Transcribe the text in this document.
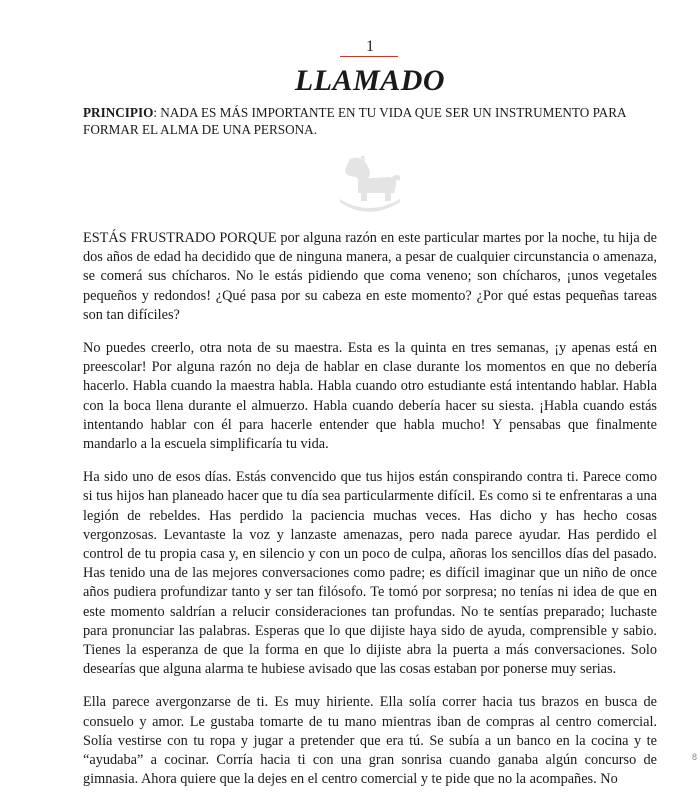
1
LLAMADO
PRINCIPIO: NADA ES MÁS IMPORTANTE EN TU VIDA QUE SER UN INSTRUMENTO PARA FORMAR EL ALMA DE UNA PERSONA.

ESTÁS FRUSTRADO PORQUE por alguna razón en este particular martes por la noche, tu hija de dos años de edad ha decidido que de ninguna manera, a pesar de cualquier circunstancia o amenaza, se comerá sus chícharos. No le estás pidiendo que coma veneno; son chícharos, ¡unos vegetales pequeños y redondos! ¿Qué pasa por su cabeza en este momento? ¿Por qué estas pequeñas tareas son tan difíciles?

No puedes creerlo, otra nota de su maestra. Esta es la quinta en tres semanas, ¡y apenas está en preescolar! Por alguna razón no deja de hablar en clase durante los momentos en que no debería hacerlo. Habla cuando la maestra habla. Habla cuando otro estudiante está intentando hablar. Habla con la boca llena durante el almuerzo. Habla cuando debería hacer su siesta. ¡Habla cuando estás intentando hablar con él para hacerle entender que habla mucho! Y pensabas que finalmente mandarlo a la escuela simplificaría tu vida.

Ha sido uno de esos días. Estás convencido que tus hijos están conspirando contra ti. Parece como si tus hijos han planeado hacer que tu día sea particularmente difícil. Es como si te enfrentaras a una legión de rebeldes. Has perdido la paciencia muchas veces. Has dicho y has hecho cosas vergonzosas. Levantaste la voz y lanzaste amenazas, pero nada parece ayudar. Has perdido el control de tu propia casa y, en silencio y con un poco de culpa, añoras los sencillos días del pasado. Has tenido una de las mejores conversaciones como padre; es difícil imaginar que un niño de once años pudiera profundizar tanto y ser tan filósofo. Te tomó por sorpresa; no tenías ni idea de que en este momento saldrían a relucir consideraciones tan profundas. No te sentías preparado; luchaste para pronunciar las palabras. Esperas que lo que dijiste haya sido de ayuda, comprensible y sabio. Tienes la esperanza de que la forma en que lo dijiste abra la puerta a más conversaciones. Solo desearías que alguna alarma te hubiese avisado que las cosas estaban por ponerse muy serias.

Ella parece avergonzarse de ti. Es muy hiriente. Ella solía correr hacia tus brazos en busca de consuelo y amor. Le gustaba tomarte de tu mano mientras iban de compras al centro comercial. Solía vestirse con tu ropa y jugar a pretender que era tú. Se subía a un banco en la cocina y te “ayudaba” a cocinar. Corría hacia ti con una gran sonrisa cuando ganaba algún concurso de gimnasia. Ahora quiere que la dejes en el centro comercial y te pide que no la acompañes. No

8
